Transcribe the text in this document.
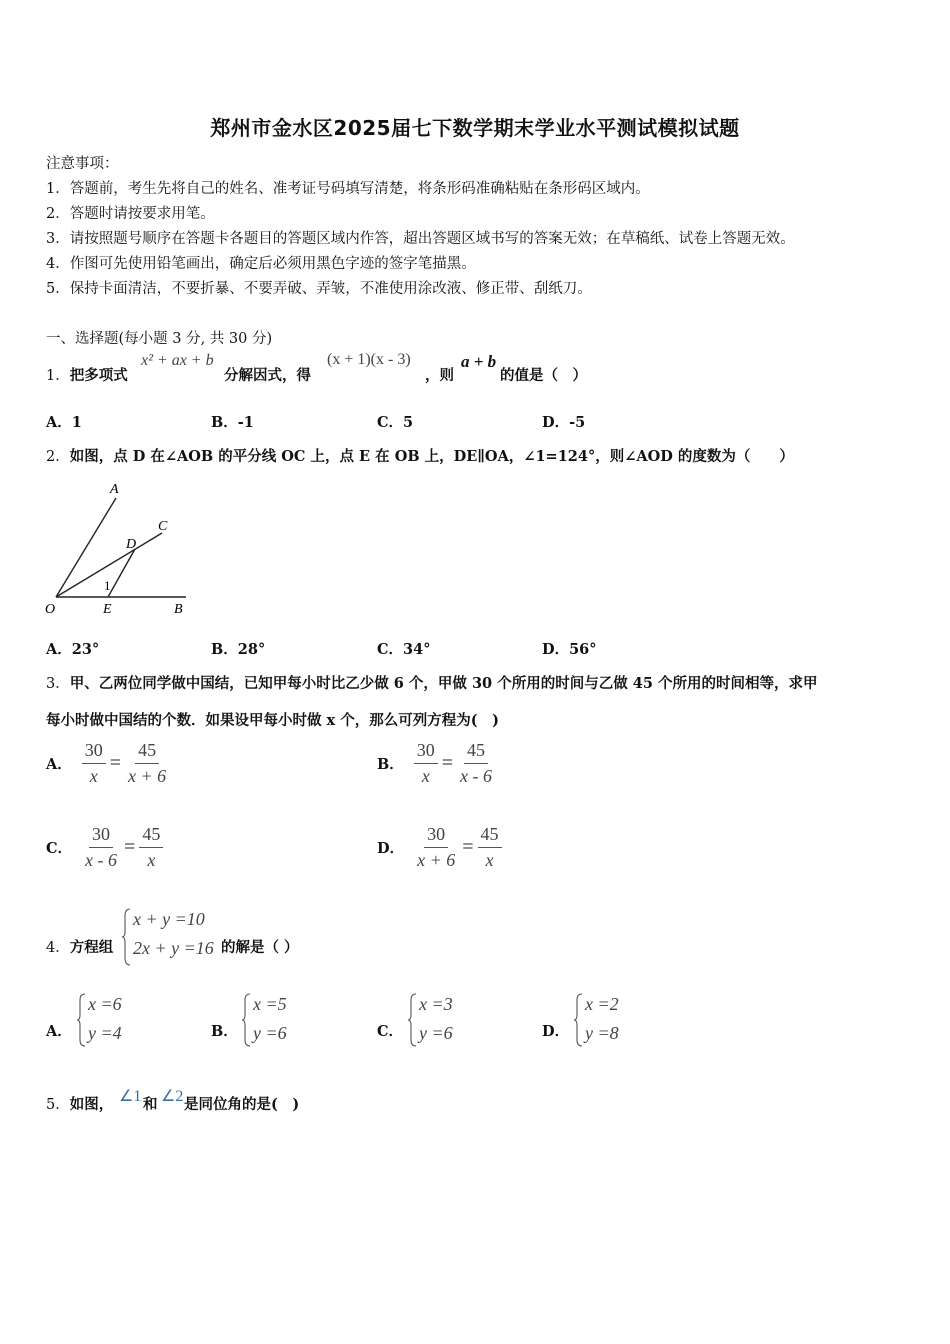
郑州市金水区2025届七下数学期末学业水平测试模拟试题
注意事项：
1．答题前，考生先将自己的姓名、准考证号码填写清楚，将条形码准确粘贴在条形码区域内。
2．答题时请按要求用笔。
3．请按照题号顺序在答题卡各题目的答题区域内作答，超出答题区域书写的答案无效；在草稿纸、试卷上答题无效。
4．作图可先使用铅笔画出，确定后必须用黑色字迹的签字笔描黑。
5．保持卡面清洁，不要折暴、不要弄破、弄皱，不准使用涂改液、修正带、刮纸刀。
一、选择题(每小题 3 分, 共 30 分)
1．把多项式
x² + ax + b
分解因式，得
(x + 1)(x - 3)
，则
a + b
的值是（　）
A．1	B．-1	C．5	D．-5
2．如图，点 D 在∠AOB 的平分线 OC 上，点 E 在 OB 上，DE∥OA，∠1=124°，则∠AOD 的度数为（　　）
A
C
D
1
O	E	B
A．23°	B．28°	C．34°	D．56°
3．甲、乙两位同学做中国结，已知甲每小时比乙少做 6 个，甲做 30 个所用的时间与乙做 45 个所用的时间相等，求甲
每小时做中国结的个数．如果设甲每小时做 x 个，那么可列方程为(　)
A． $\frac{30}{x} = \frac{45}{x + 6}$	B． $\frac{30}{x} = \frac{45}{x - 6}$
C． $\frac{30}{x - 6} = \frac{45}{x}$	D． $\frac{30}{x + 6} = \frac{45}{x}$
4．方程组
x + y =10
2x + y =16 的解是（ ）
A．
x =6
y =4	B．
x =5
y =6	C．
x =3
y =6	D．
x =2
y =8
5．如图， ∠1 和 ∠2 是同位角的是(　)
